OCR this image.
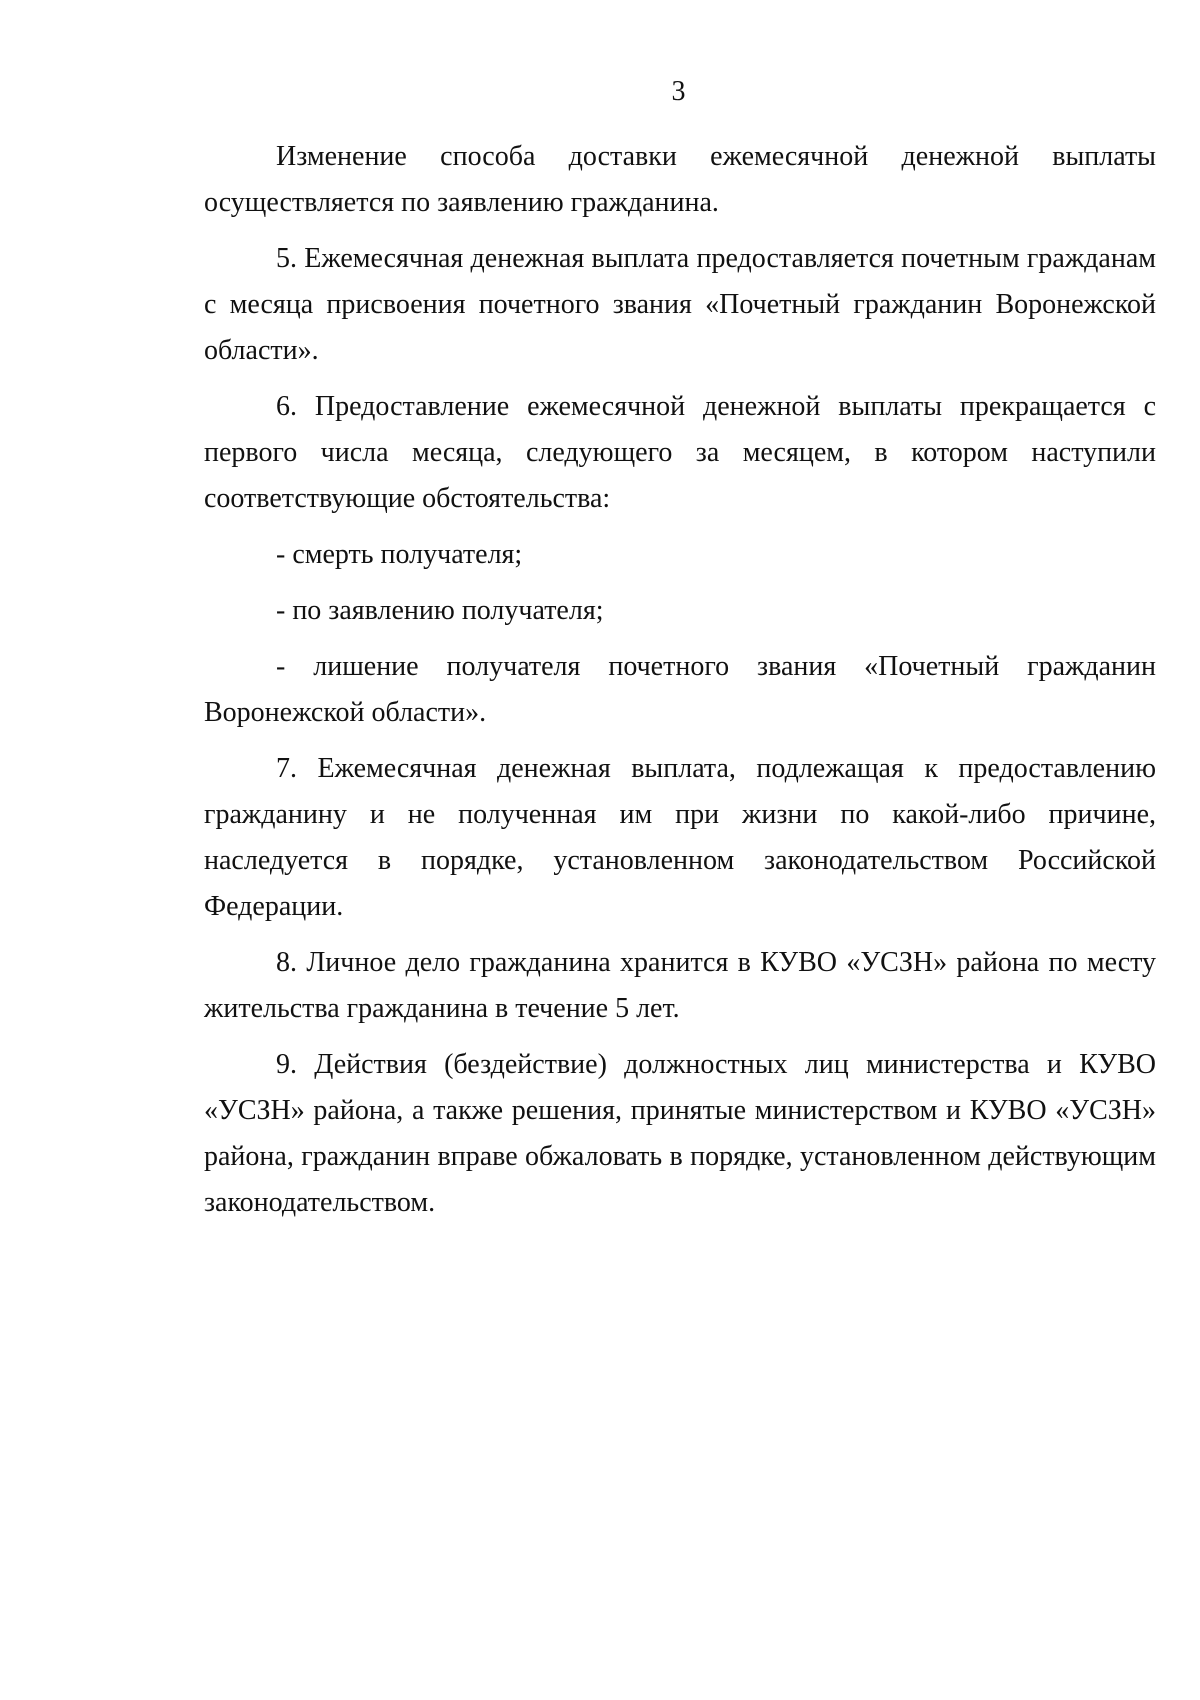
3

Изменение способа доставки ежемесячной денежной выплаты осуществляется по заявлению гражданина.

5. Ежемесячная денежная выплата предоставляется почетным гражданам с месяца присвоения почетного звания «Почетный гражданин Воронежской области».

6. Предоставление ежемесячной денежной выплаты прекращается с первого числа месяца, следующего за месяцем, в котором наступили соответствующие обстоятельства:

- смерть получателя;

- по заявлению получателя;

- лишение получателя почетного звания «Почетный гражданин Воронежской области».

7. Ежемесячная денежная выплата, подлежащая к предоставлению гражданину и не полученная им при жизни по какой-либо причине, наследуется в порядке, установленном законодательством Российской Федерации.

8. Личное дело гражданина хранится в КУВО «УСЗН» района по месту жительства гражданина в течение 5 лет.

9. Действия (бездействие) должностных лиц министерства и КУВО «УСЗН» района, а также решения, принятые министерством и КУВО «УСЗН» района, гражданин вправе обжаловать в порядке, установленном действующим законодательством.
